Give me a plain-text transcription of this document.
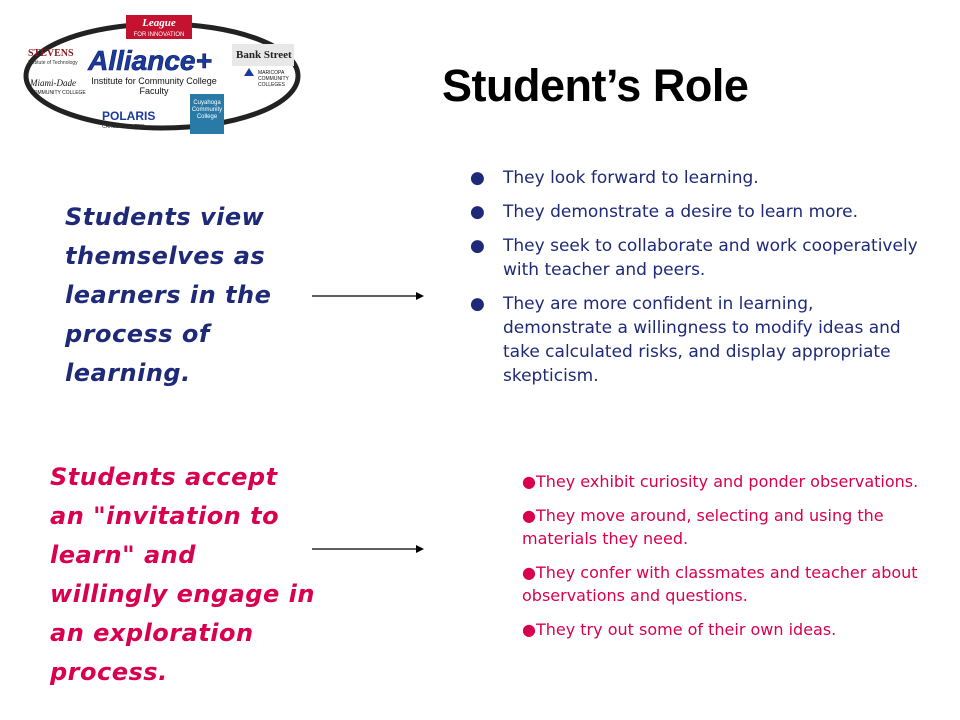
League
FOR INNOVATION
STEVENS
Institute of Technology
Miami-Dade
COMMUNITY COLLEGE
Alliance+
Institute for Community College
Faculty
Bank Street
MARICOPA
COMMUNITY
COLLEGES
Cuyahoga
Community
College
POLARIS
CAREER CENTER
Student’s Role
Students view themselves as learners in the process of learning.
● They look forward to learning.
● They demonstrate a desire to learn more.
● They seek to collaborate and work cooperatively with teacher and peers.
● They are more confident in learning, demonstrate a willingness to modify ideas and take calculated risks, and display appropriate skepticism.
Students accept an "invitation to learn" and willingly engage in an exploration process.
●They exhibit curiosity and ponder observations.
●They move around, selecting and using the materials they need.
●They confer with classmates and teacher about observations and questions.
●They try out some of their own ideas.
